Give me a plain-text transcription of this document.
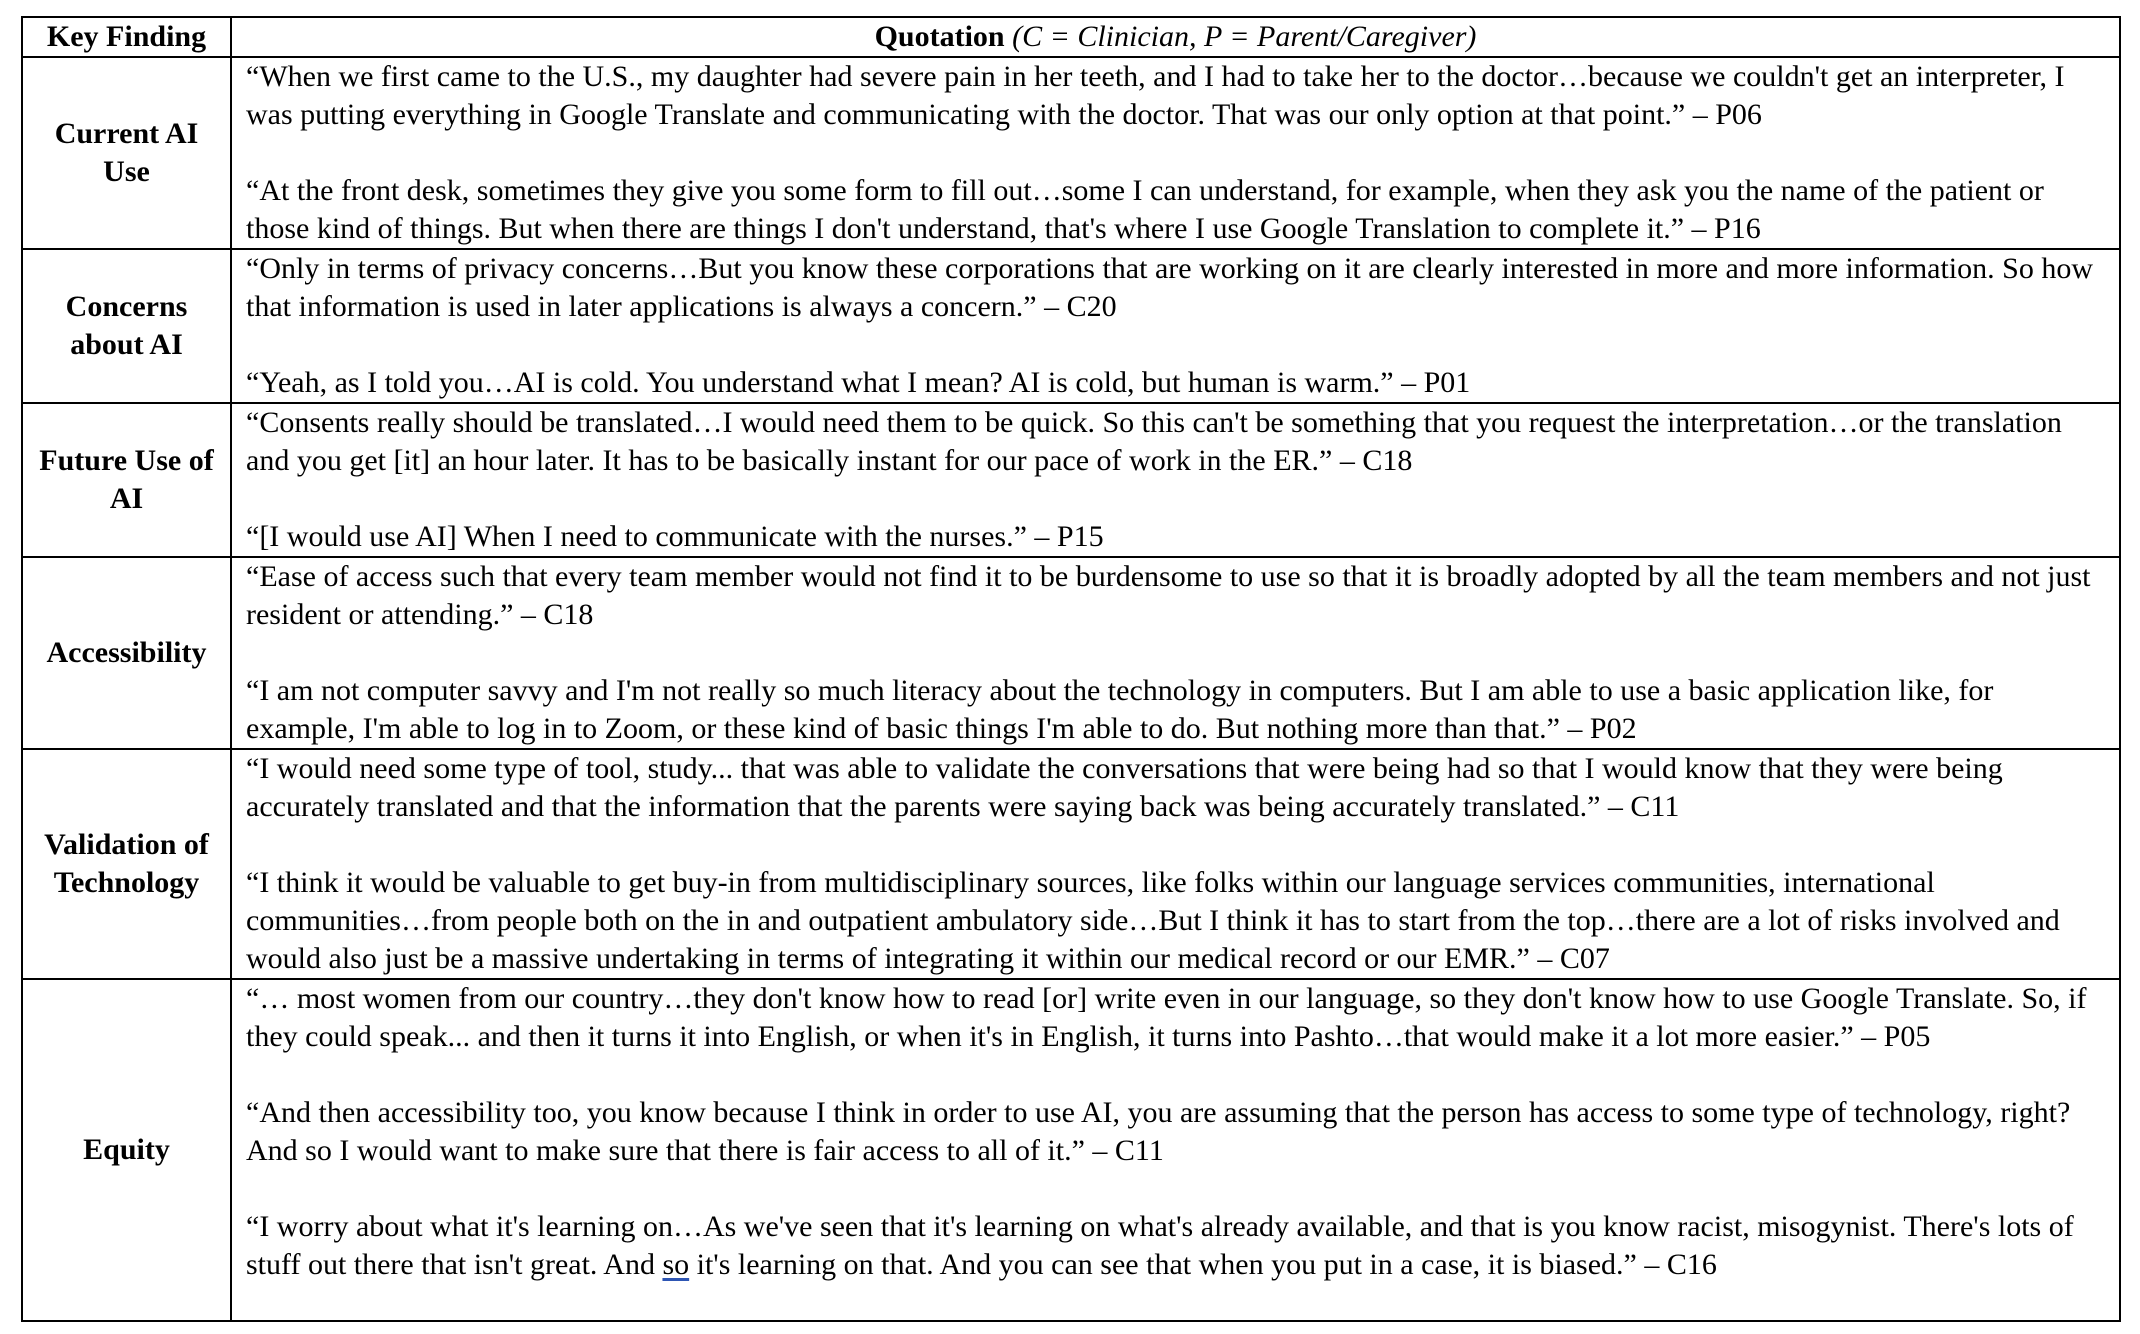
Key Finding	Quotation (C = Clinician, P = Parent/Caregiver)
Current AI Use	“When we first came to the U.S., my daughter had severe pain in her teeth, and I had to take her to the doctor…because we couldn't get an interpreter, I was putting everything in Google Translate and communicating with the doctor. That was our only option at that point.” – P06

“At the front desk, sometimes they give you some form to fill out…some I can understand, for example, when they ask you the name of the patient or those kind of things. But when there are things I don't understand, that's where I use Google Translation to complete it.” – P16

Concerns about AI	“Only in terms of privacy concerns…But you know these corporations that are working on it are clearly interested in more and more information. So how that information is used in later applications is always a concern.” – C20

“Yeah, as I told you…AI is cold. You understand what I mean? AI is cold, but human is warm.” – P01

Future Use of AI	“Consents really should be translated…I would need them to be quick. So this can't be something that you request the interpretation…or the translation and you get [it] an hour later. It has to be basically instant for our pace of work in the ER.” – C18

“[I would use AI] When I need to communicate with the nurses.” – P15

Accessibility	“Ease of access such that every team member would not find it to be burdensome to use so that it is broadly adopted by all the team members and not just resident or attending.” – C18

“I am not computer savvy and I'm not really so much literacy about the technology in computers. But I am able to use a basic application like, for example, I'm able to log in to Zoom, or these kind of basic things I'm able to do. But nothing more than that.” – P02

Validation of Technology	“I would need some type of tool, study... that was able to validate the conversations that were being had so that I would know that they were being accurately translated and that the information that the parents were saying back was being accurately translated.” – C11

“I think it would be valuable to get buy-in from multidisciplinary sources, like folks within our language services communities, international communities…from people both on the in and outpatient ambulatory side…But I think it has to start from the top…there are a lot of risks involved and would also just be a massive undertaking in terms of integrating it within our medical record or our EMR.” – C07

Equity	“… most women from our country…they don't know how to read [or] write even in our language, so they don't know how to use Google Translate. So, if they could speak... and then it turns it into English, or when it's in English, it turns into Pashto…that would make it a lot more easier.” – P05

“And then accessibility too, you know because I think in order to use AI, you are assuming that the person has access to some type of technology, right? And so I would want to make sure that there is fair access to all of it.” – C11

“I worry about what it's learning on…As we've seen that it's learning on what's already available, and that is you know racist, misogynist. There's lots of stuff out there that isn't great. And so it's learning on that. And you can see that when you put in a case, it is biased.” – C16
